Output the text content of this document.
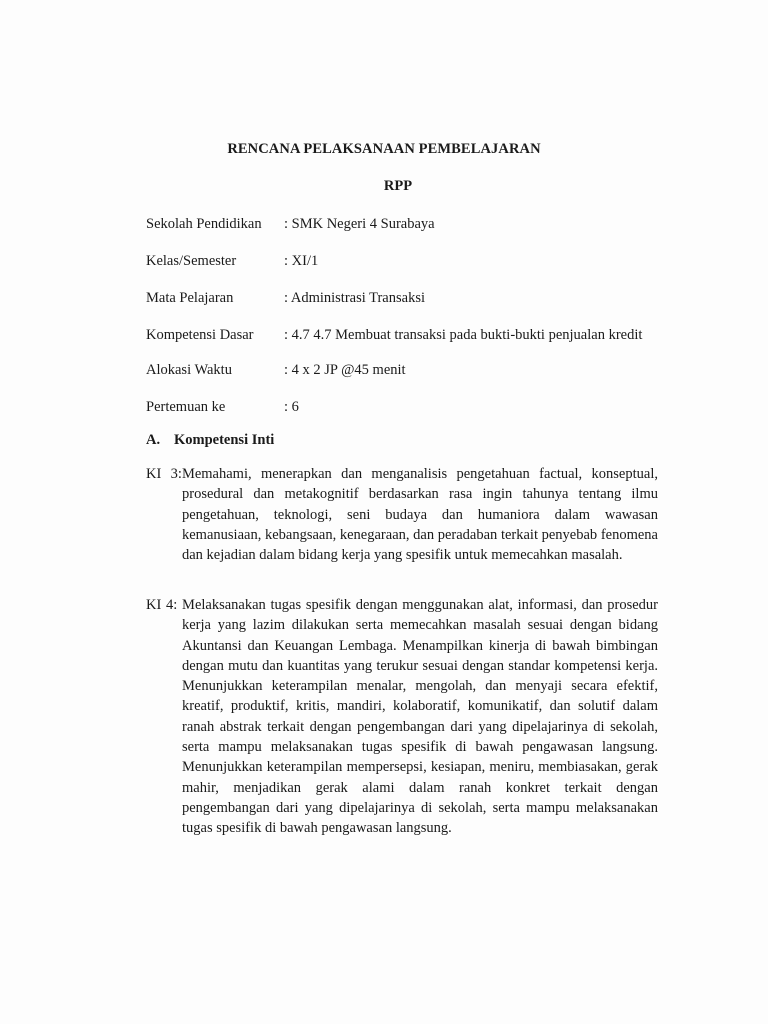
RENCANA PELAKSANAAN PEMBELAJARAN
RPP
Sekolah Pendidikan	: SMK Negeri 4 Surabaya
Kelas/Semester	: XI/1
Mata Pelajaran	: Administrasi Transaksi
Kompetensi Dasar	: 4.7 4.7 Membuat transaksi pada bukti-bukti penjualan kredit
Alokasi Waktu	: 4 x 2 JP @45 menit
Pertemuan ke	: 6
A. Kompetensi Inti
KI 3:Memahami, menerapkan dan menganalisis pengetahuan factual, konseptual, prosedural dan metakognitif berdasarkan rasa ingin tahunya tentang ilmu pengetahuan, teknologi, seni budaya dan humaniora dalam wawasan kemanusiaan, kebangsaan, kenegaraan, dan peradaban terkait penyebab fenomena dan kejadian dalam bidang kerja yang spesifik untuk memecahkan masalah.
KI 4: Melaksanakan tugas spesifik dengan menggunakan alat, informasi, dan prosedur kerja yang lazim dilakukan serta memecahkan masalah sesuai dengan bidang Akuntansi dan Keuangan Lembaga. Menampilkan kinerja di bawah bimbingan dengan mutu dan kuantitas yang terukur sesuai dengan standar kompetensi kerja. Menunjukkan keterampilan menalar, mengolah, dan menyaji secara efektif, kreatif, produktif, kritis, mandiri, kolaboratif, komunikatif, dan solutif dalam ranah abstrak terkait dengan pengembangan dari yang dipelajarinya di sekolah, serta mampu melaksanakan tugas spesifik di bawah pengawasan langsung. Menunjukkan keterampilan mempersepsi, kesiapan, meniru, membiasakan, gerak mahir, menjadikan gerak alami dalam ranah konkret terkait dengan pengembangan dari yang dipelajarinya di sekolah, serta mampu melaksanakan tugas spesifik di bawah pengawasan langsung.
